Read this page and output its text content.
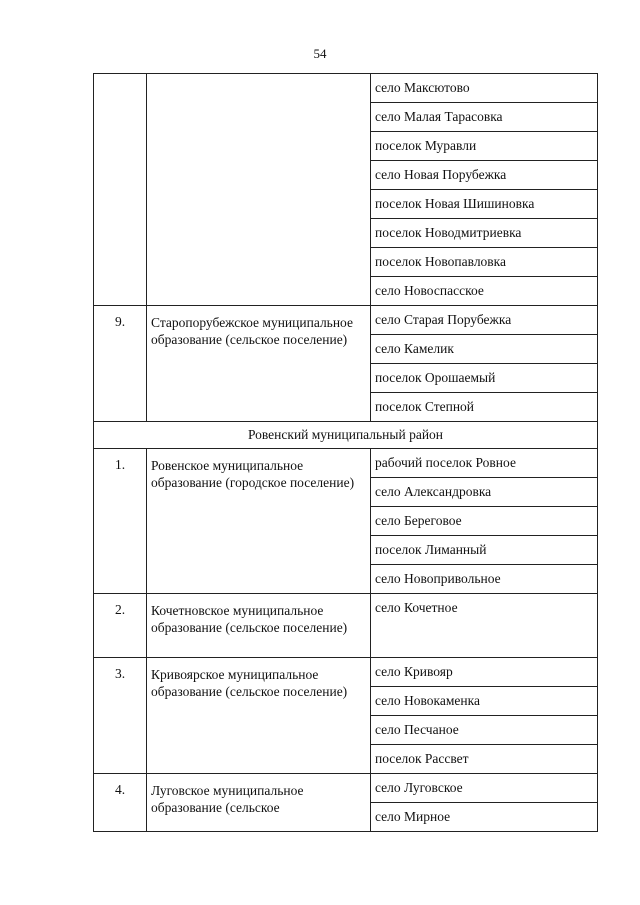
54
		село Максютово
		село Малая Тарасовка
		поселок Муравли
		село Новая Порубежка
		поселок Новая Шишиновка
		поселок Новодмитриевка
		поселок Новопавловка
		село Новоспасское
9.	Старопорубежское муниципальное образование (сельское поселение)	село Старая Порубежка
		село Камелик
		поселок Орошаемый
		поселок Степной
Ровенский муниципальный район		
1.	Ровенское муниципальное образование (городское поселение)	рабочий поселок Ровное
		село Александровка
		село Береговое
		поселок Лиманный
		село Новопривольное
2.	Кочетновское муниципальное образование (сельское поселение)	село Кочетное
3.	Кривоярское муниципальное образование (сельское поселение)	село Кривояр
		село Новокаменка
		село Песчаное
		поселок Рассвет
4.	Луговское муниципальное образование (сельское	село Луговское
		село Мирное
